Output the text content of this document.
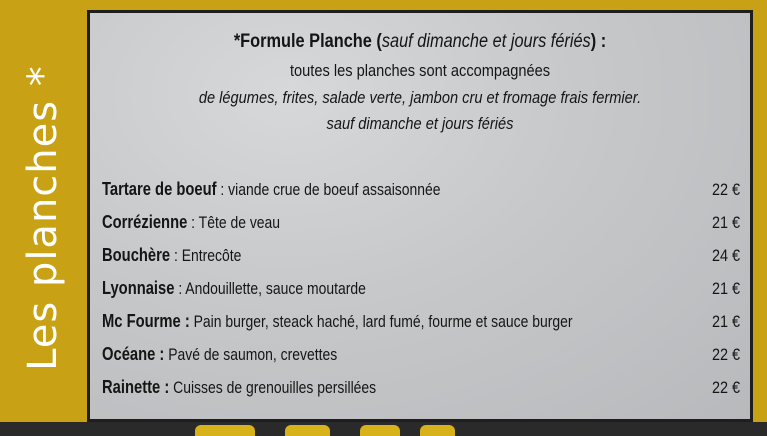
Les planches *
*Formule Planche (sauf dimanche et jours fériés) :
toutes les planches sont accompagnées
de légumes, frites, salade verte, jambon cru et fromage frais fermier.
sauf dimanche et jours fériés
Tartare de boeuf : viande crue de boeuf assaisonnée	22 €
Corrézienne : Tête de veau	21 €
Bouchère : Entrecôte	24 €
Lyonnaise : Andouillette, sauce moutarde	21 €
Mc Fourme : Pain burger, steack haché, lard fumé, fourme et sauce burger	21 €
Océane : Pavé de saumon, crevettes	22 €
Rainette : Cuisses de grenouilles persillées	22 €
